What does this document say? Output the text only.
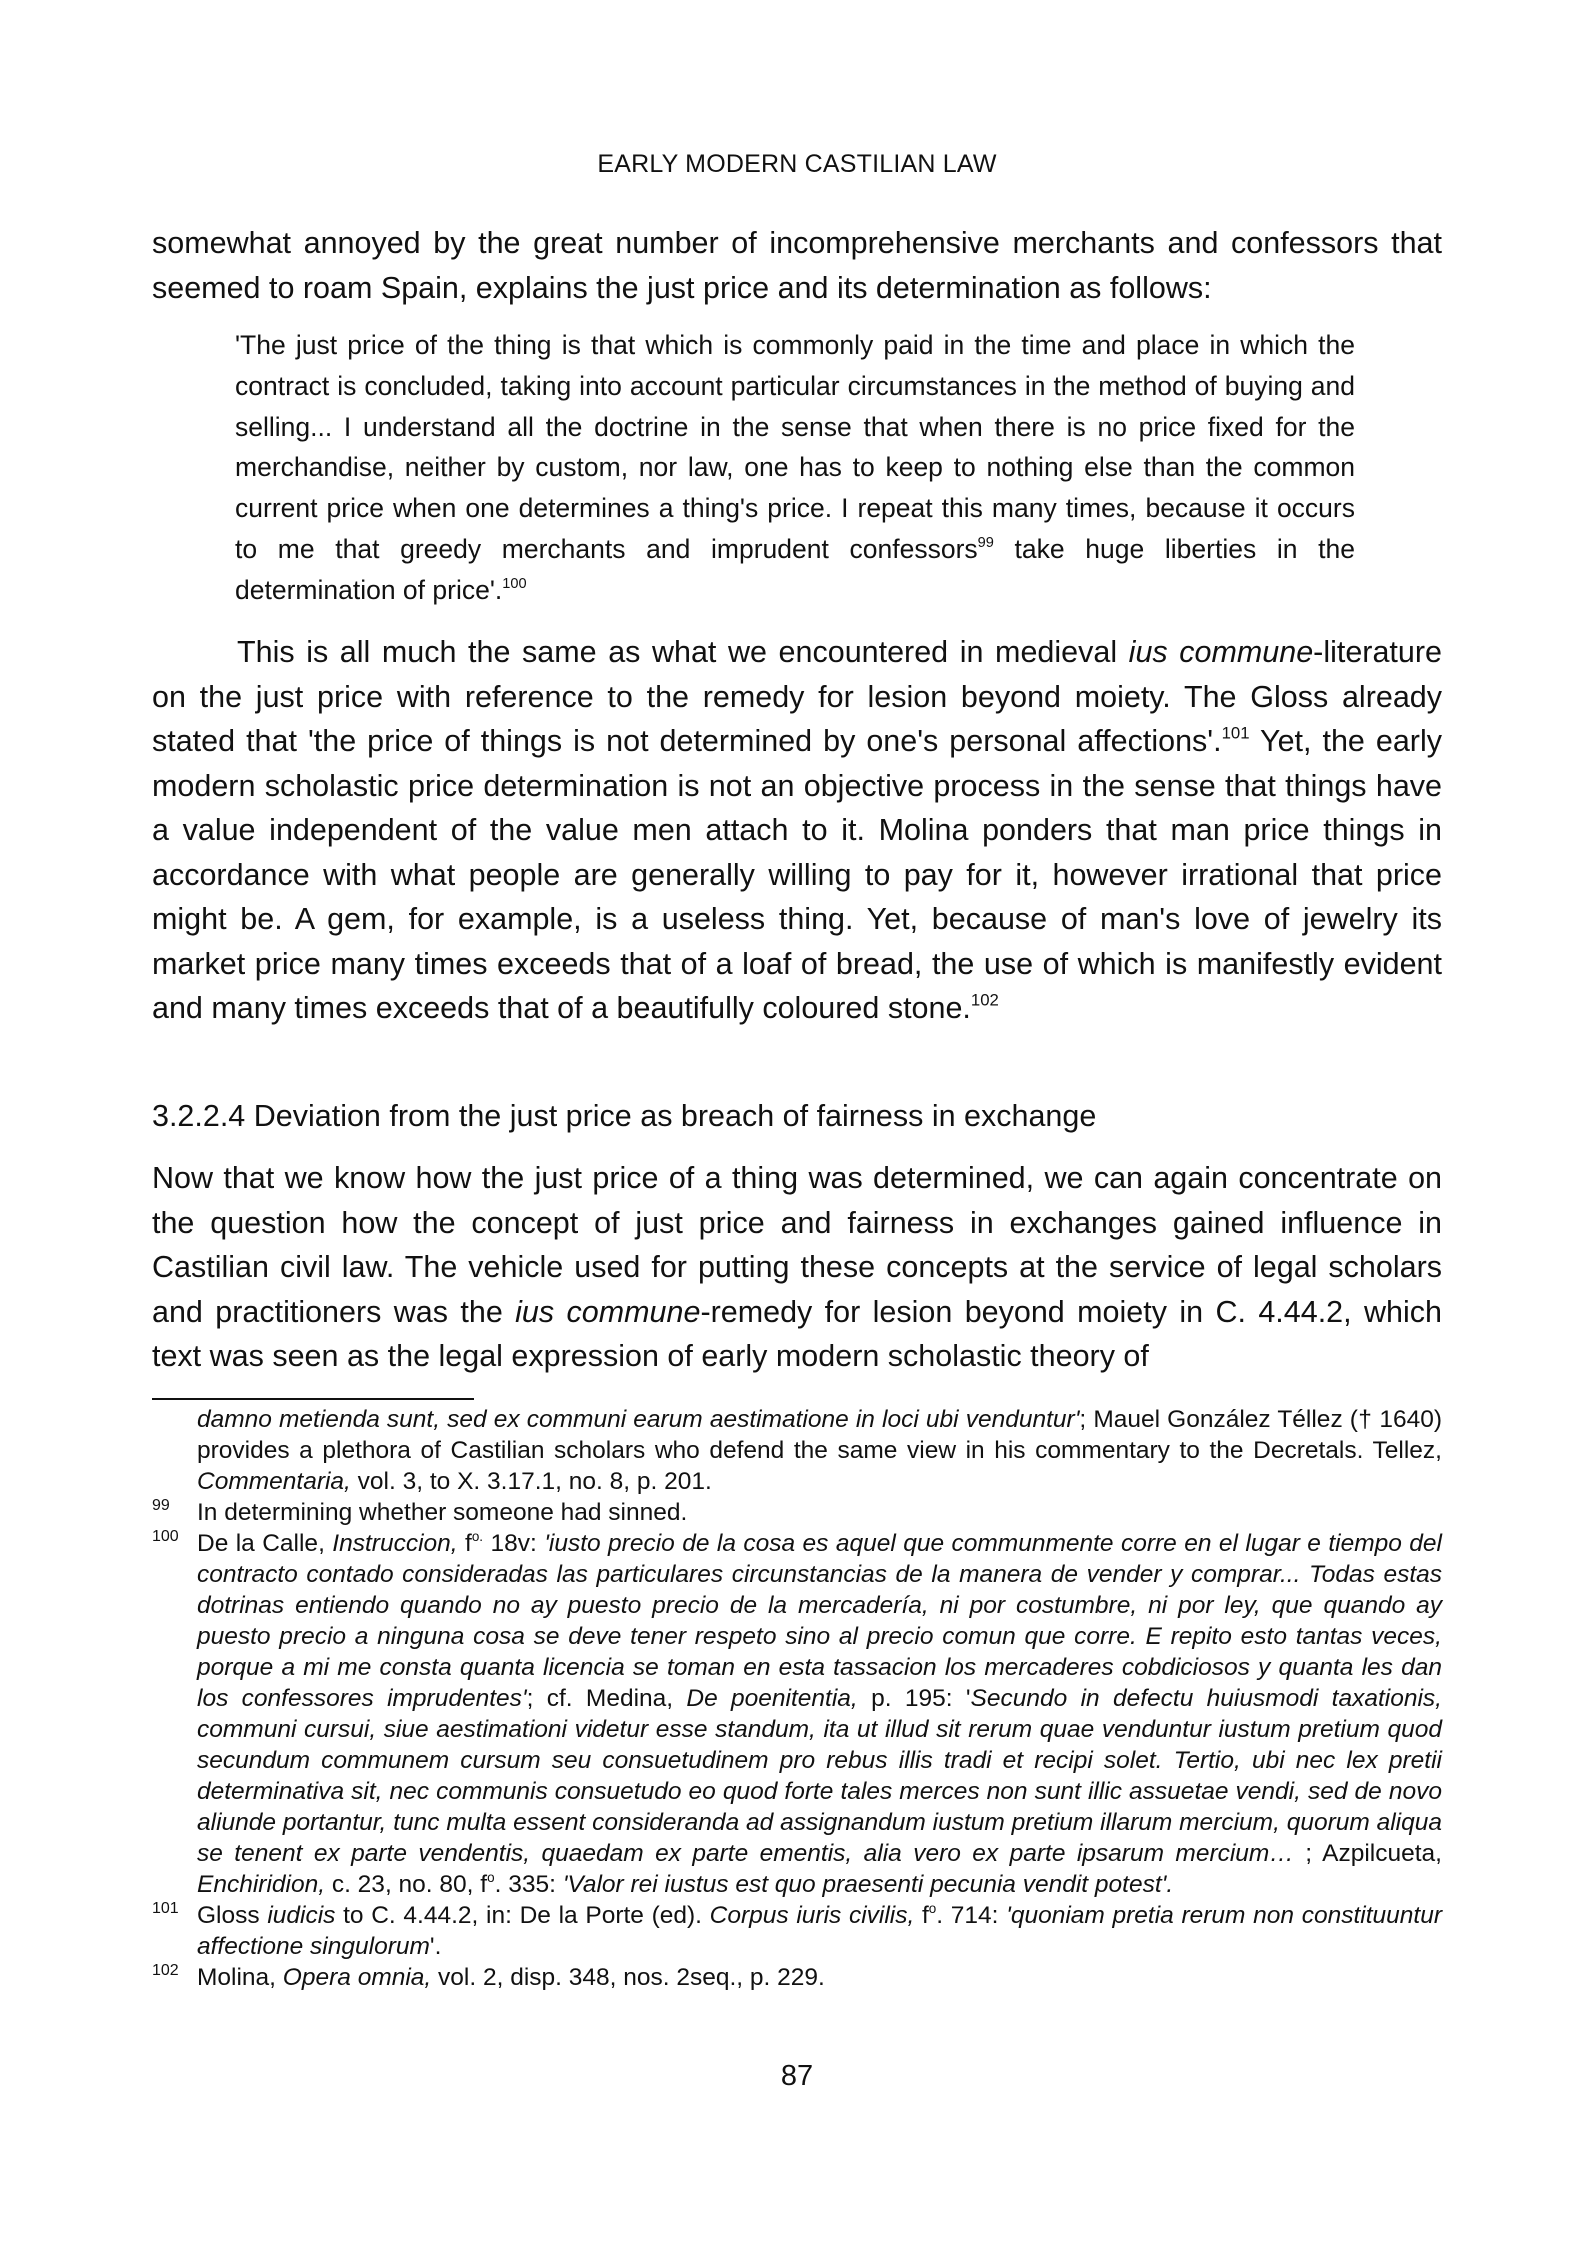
EARLY MODERN CASTILIAN LAW

somewhat annoyed by the great number of incomprehensive merchants and confessors that seemed to roam Spain, explains the just price and its determination as follows:

'The just price of the thing is that which is commonly paid in the time and place in which the contract is concluded, taking into account particular circumstances in the method of buying and selling... I understand all the doctrine in the sense that when there is no price fixed for the merchandise, neither by custom, nor law, one has to keep to nothing else than the common current price when one determines a thing's price. I repeat this many times, because it occurs to me that greedy merchants and imprudent confessors$^{99}$ take huge liberties in the determination of price'.$^{100}$

This is all much the same as what we encountered in medieval ius commune-literature on the just price with reference to the remedy for lesion beyond moiety. The Gloss already stated that 'the price of things is not determined by one's personal affections'.$^{101}$ Yet, the early modern scholastic price determination is not an objective process in the sense that things have a value independent of the value men attach to it. Molina ponders that man price things in accordance with what people are generally willing to pay for it, however irrational that price might be. A gem, for example, is a useless thing. Yet, because of man's love of jewelry its market price many times exceeds that of a loaf of bread, the use of which is manifestly evident and many times exceeds that of a beautifully coloured stone.$^{102}$

3.2.2.4 Deviation from the just price as breach of fairness in exchange

Now that we know how the just price of a thing was determined, we can again concentrate on the question how the concept of just price and fairness in exchanges gained influence in Castilian civil law. The vehicle used for putting these concepts at the service of legal scholars and practitioners was the ius commune-remedy for lesion beyond moiety in C. 4.44.2, which text was seen as the legal expression of early modern scholastic theory of

damno metienda sunt, sed ex communi earum aestimatione in loci ubi venduntur'; Mauel González Téllez († 1640) provides a plethora of Castilian scholars who defend the same view in his commentary to the Decretals. Tellez, Commentaria, vol. 3, to X. 3.17.1, no. 8, p. 201.
99 In determining whether someone had sinned.
100 De la Calle, Instruccion, $f^{o.}$ 18v: 'iusto precio de la cosa es aquel que communmente corre en el lugar e tiempo del contracto contado consideradas las particulares circunstancias de la manera de vender y comprar... Todas estas dotrinas entiendo quando no ay puesto precio de la mercadería, ni por costumbre, ni por ley, que quando ay puesto precio a ninguna cosa se deve tener respeto sino al precio comun que corre. E repito esto tantas veces, porque a mi me consta quanta licencia se toman en esta tassacion los mercaderes cobdiciosos y quanta les dan los confessores imprudentes'; cf. Medina, De poenitentia, p. 195: 'Secundo in defectu huiusmodi taxationis, communi cursui, siue aestimationi videtur esse standum, ita ut illud sit rerum quae venduntur iustum pretium quod secundum communem cursum seu consuetudinem pro rebus illis tradi et recipi solet. Tertio, ubi nec lex pretii determinativa sit, nec communis consuetudo eo quod forte tales merces non sunt illic assuetae vendi, sed de novo aliunde portantur, tunc multa essent consideranda ad assignandum iustum pretium illarum mercium, quorum aliqua se tenent ex parte vendentis, quaedam ex parte ementis, alia vero ex parte ipsarum mercium… ; Azpilcueta, Enchiridion, c. 23, no. 80, $f^o$. 335: 'Valor rei iustus est quo praesenti pecunia vendit potest'.
101 Gloss iudicis to C. 4.44.2, in: De la Porte (ed). Corpus iuris civilis, $f^o$. 714: 'quoniam pretia rerum non constituuntur affectione singulorum'.
102 Molina, Opera omnia, vol. 2, disp. 348, nos. 2seq., p. 229.
87
